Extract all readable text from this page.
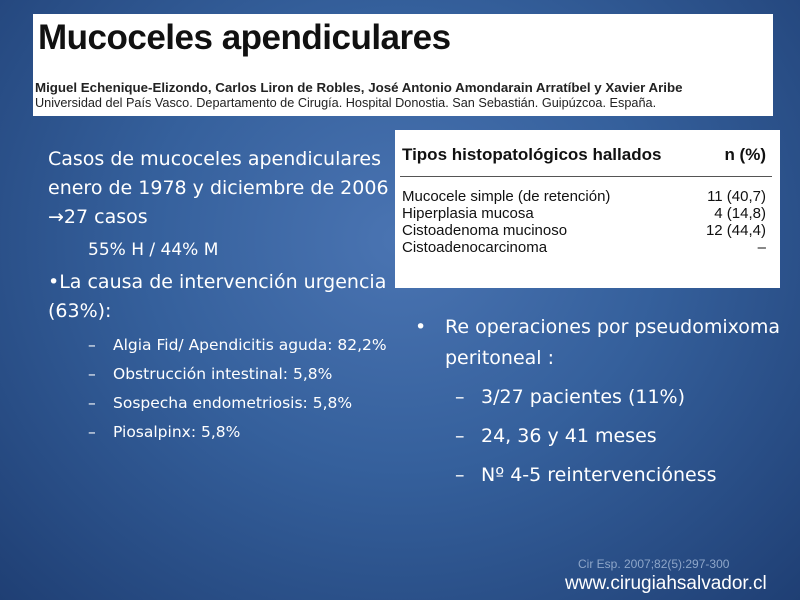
Mucoceles apendiculares
Miguel Echenique-Elizondo, Carlos Liron de Robles, José Antonio Amondarain Arratíbel y Xavier Aribe
Universidad del País Vasco. Departamento de Cirugía. Hospital Donostia. San Sebastián. Guipúzcoa. España.

Casos de mucoceles apendiculares enero de 1978 y diciembre de 2006 →27 casos

55% H / 44% M

•La causa de intervención urgencia (63%):

– Algia Fid/ Apendicitis aguda: 82,2%
– Obstrucción intestinal: 5,8%
– Sospecha endometriosis: 5,8%
– Piosalpinx: 5,8%
Tipos histopatológicos hallados	n (%)
Mucocele simple (de retención)	11 (40,7)
Hiperplasia mucosa	4 (14,8)
Cistoadenoma mucinoso	12 (44,4)
Cistoadenocarcinoma	–
• Re operaciones por pseudomixoma peritoneal :
– 3/27 pacientes (11%)
– 24, 36 y 41 meses
– Nº 4-5 reintervencióness
Cir Esp. 2007;82(5):297-300
www.cirugiahsalvador.cl
